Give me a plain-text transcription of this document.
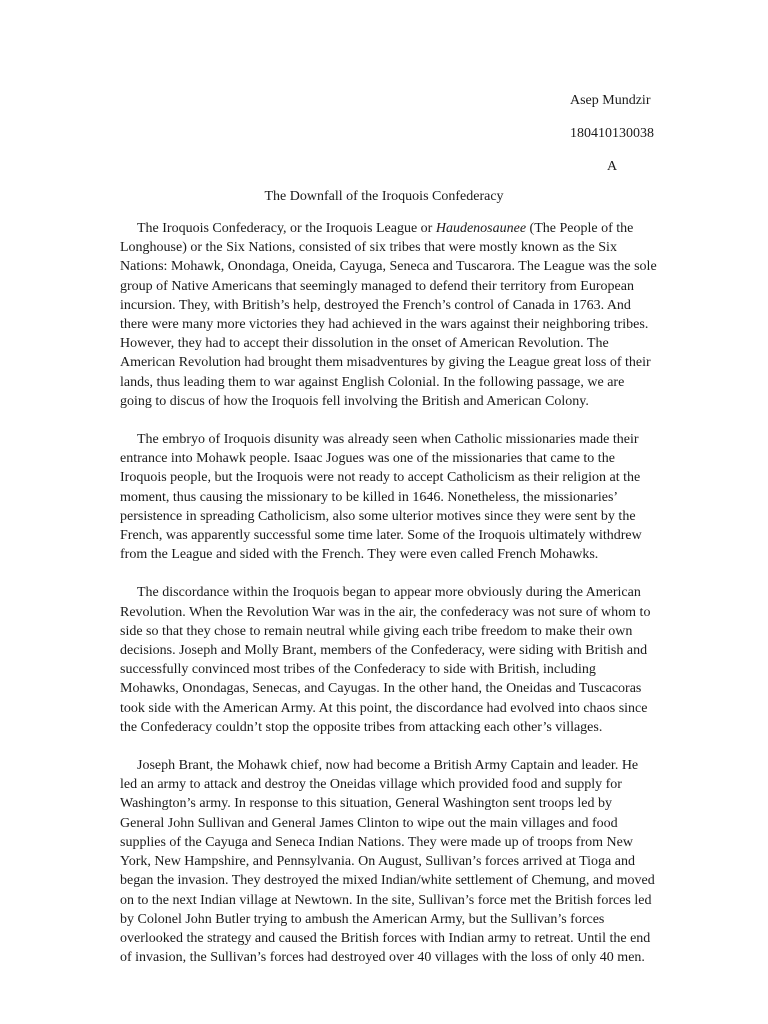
Asep Mundzir
180410130038
A
The Downfall of the Iroquois Confederacy

The Iroquois Confederacy, or the Iroquois League or Haudenosaunee (The People of the Longhouse) or the Six Nations, consisted of six tribes that were mostly known as the Six Nations: Mohawk, Onondaga, Oneida, Cayuga, Seneca and Tuscarora. The League was the sole group of Native Americans that seemingly managed to defend their territory from European incursion. They, with British’s help, destroyed the French’s control of Canada in 1763. And there were many more victories they had achieved in the wars against their neighboring tribes. However, they had to accept their dissolution in the onset of American Revolution. The American Revolution had brought them misadventures by giving the League great loss of their lands, thus leading them to war against English Colonial. In the following passage, we are going to discus of how the Iroquois fell involving the British and American Colony.

The embryo of Iroquois disunity was already seen when Catholic missionaries made their entrance into Mohawk people. Isaac Jogues was one of the missionaries that came to the Iroquois people, but the Iroquois were not ready to accept Catholicism as their religion at the moment, thus causing the missionary to be killed in 1646. Nonetheless, the missionaries’ persistence in spreading Catholicism, also some ulterior motives since they were sent by the French, was apparently successful some time later. Some of the Iroquois ultimately withdrew from the League and sided with the French. They were even called French Mohawks.

The discordance within the Iroquois began to appear more obviously during the American Revolution. When the Revolution War was in the air, the confederacy was not sure of whom to side so that they chose to remain neutral while giving each tribe freedom to make their own decisions. Joseph and Molly Brant, members of the Confederacy, were siding with British and successfully convinced most tribes of the Confederacy to side with British, including Mohawks, Onondagas, Senecas, and Cayugas. In the other hand, the Oneidas and Tuscacoras took side with the American Army. At this point, the discordance had evolved into chaos since the Confederacy couldn’t stop the opposite tribes from attacking each other’s villages.

Joseph Brant, the Mohawk chief, now had become a British Army Captain and leader. He led an army to attack and destroy the Oneidas village which provided food and supply for Washington’s army. In response to this situation, General Washington sent troops led by General John Sullivan and General James Clinton to wipe out the main villages and food supplies of the Cayuga and Seneca Indian Nations. They were made up of troops from New York, New Hampshire, and Pennsylvania. On August, Sullivan’s forces arrived at Tioga and began the invasion. They destroyed the mixed Indian/white settlement of Chemung, and moved on to the next Indian village at Newtown. In the site, Sullivan’s force met the British forces led by Colonel John Butler trying to ambush the American Army, but the Sullivan’s forces overlooked the strategy and caused the British forces with Indian army to retreat. Until the end of invasion, the Sullivan’s forces had destroyed over 40 villages with the loss of only 40 men.
